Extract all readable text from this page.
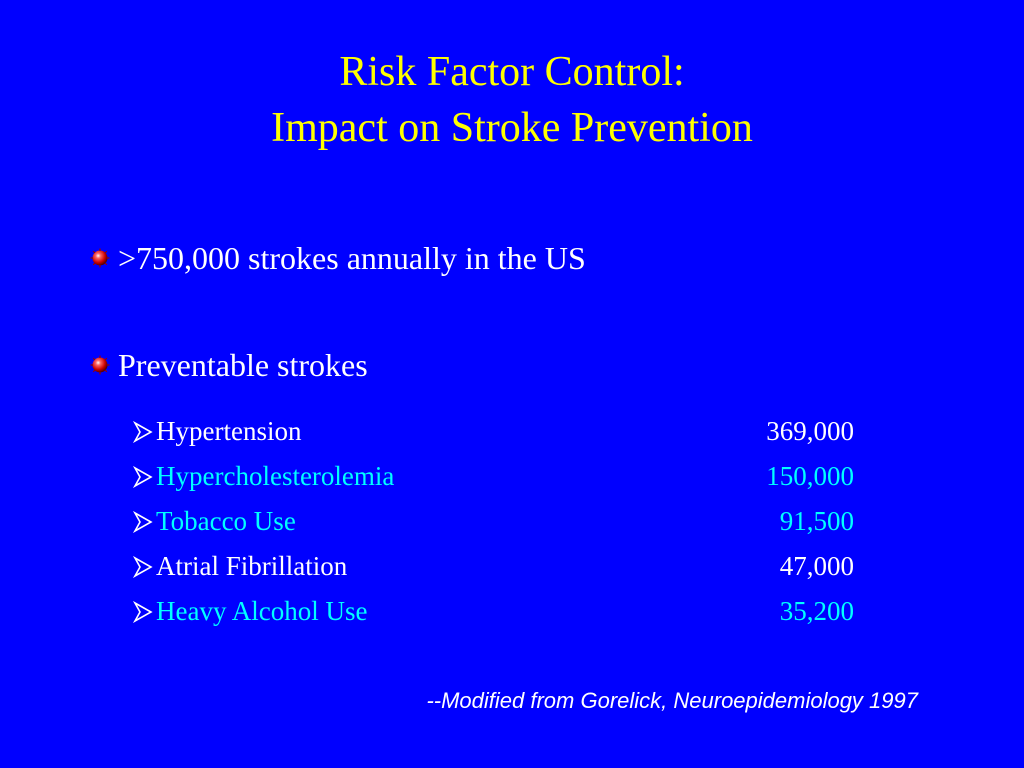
Risk Factor Control:
Impact on Stroke Prevention
>750,000 strokes annually in the US
Preventable strokes
Hypertension	369,000
Hypercholesterolemia	150,000
Tobacco Use	91,500
Atrial Fibrillation	47,000
Heavy Alcohol Use	35,200
--Modified from Gorelick, Neuroepidemiology 1997
